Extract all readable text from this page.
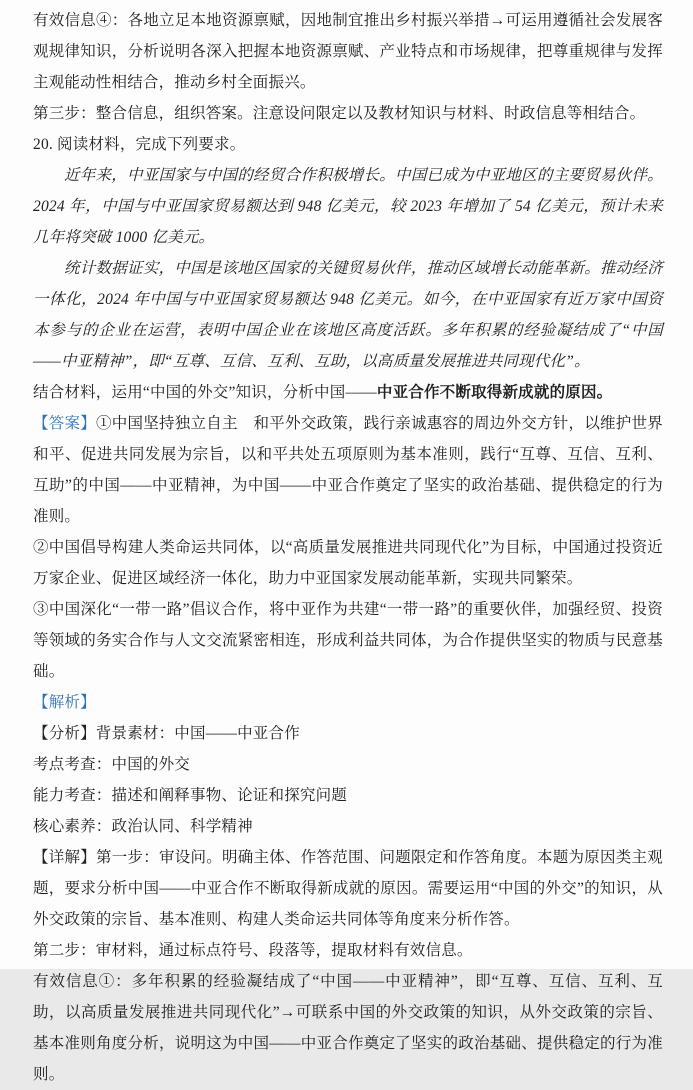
有效信息④：各地立足本地资源禀赋，因地制宜推出乡村振兴举措→可运用遵循社会发展客观规律知识，分析说明各深入把握本地资源禀赋、产业特点和市场规律，把尊重规律与发挥主观能动性相结合，推动乡村全面振兴。

第三步：整合信息，组织答案。注意设问限定以及教材知识与材料、时政信息等相结合。

20. 阅读材料，完成下列要求。

近年来，中亚国家与中国的经贸合作积极增长。中国已成为中亚地区的主要贸易伙伴。2024 年，中国与中亚国家贸易额达到 948 亿美元，较 2023 年增加了 54 亿美元，预计未来几年将突破 1000 亿美元。

统计数据证实，中国是该地区国家的关键贸易伙伴，推动区域增长动能革新。推动经济一体化，2024 年中国与中亚国家贸易额达 948 亿美元。如今，在中亚国家有近万家中国资本参与的企业在运营，表明中国企业在该地区高度活跃。多年积累的经验凝结成了“中国——中亚精神”，即“互尊、互信、互利、互助，以高质量发展推进共同现代化”。

结合材料，运用“中国的外交”知识，分析中国——中亚合作不断取得新成就的原因。

【答案】①中国坚持独立自主　和平外交政策，践行亲诚惠容的周边外交方针，以维护世界和平、促进共同发展为宗旨，以和平共处五项原则为基本准则，践行“互尊、互信、互利、互助”的中国——中亚精神，为中国——中亚合作奠定了坚实的政治基础、提供稳定的行为准则。

②中国倡导构建人类命运共同体，以“高质量发展推进共同现代化”为目标，中国通过投资近万家企业、促进区域经济一体化，助力中亚国家发展动能革新，实现共同繁荣。

③中国深化“一带一路”倡议合作，将中亚作为共建“一带一路”的重要伙伴，加强经贸、投资等领域的务实合作与人文交流紧密相连，形成利益共同体，为合作提供坚实的物质与民意基础。

【解析】

【分析】背景素材：中国——中亚合作

考点考查：中国的外交

能力考查：描述和阐释事物、论证和探究问题

核心素养：政治认同、科学精神

【详解】第一步：审设问。明确主体、作答范围、问题限定和作答角度。本题为原因类主观题，要求分析中国——中亚合作不断取得新成就的原因。需要运用“中国的外交”的知识，从外交政策的宗旨、基本准则、构建人类命运共同体等角度来分析作答。

第二步：审材料，通过标点符号、段落等，提取材料有效信息。

有效信息①：多年积累的经验凝结成了“中国——中亚精神”，即“互尊、互信、互利、互助，以高质量发展推进共同现代化”→可联系中国的外交政策的知识，从外交政策的宗旨、基本准则角度分析，说明这为中国——中亚合作奠定了坚实的政治基础、提供稳定的行为准则。
